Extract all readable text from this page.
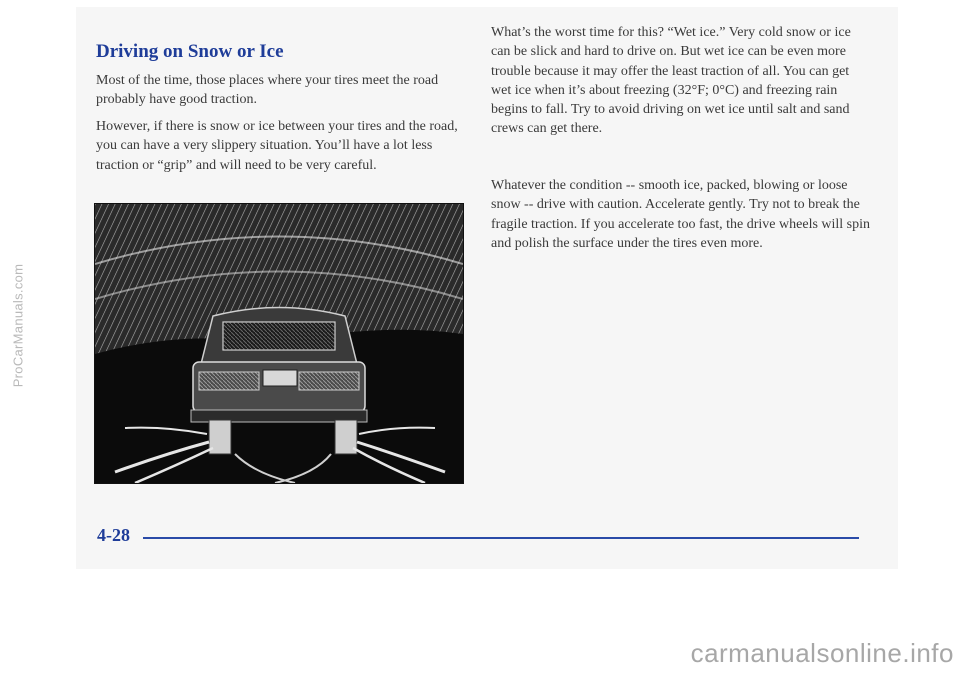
Driving on Snow or Ice

Most of the time, those places where your tires meet the road probably have good traction.

However, if there is snow or ice between your tires and the road, you can have a very slippery situation. You’ll have a lot less traction or “grip” and will need to be very careful.

What’s the worst time for this? “Wet ice.” Very cold snow or ice can be slick and hard to drive on. But wet ice can be even more trouble because it may offer the least traction of all. You can get wet ice when it’s about freezing (32°F; 0°C) and freezing rain begins to fall. Try to avoid driving on wet ice until salt and sand crews can get there.

Whatever the condition -- smooth ice, packed, blowing or loose snow -- drive with caution. Accelerate gently. Try not to break the fragile traction. If you accelerate too fast, the drive wheels will spin and polish the surface under the tires even more.

4-28
ProCarManuals.com
carmanualsonline.info
